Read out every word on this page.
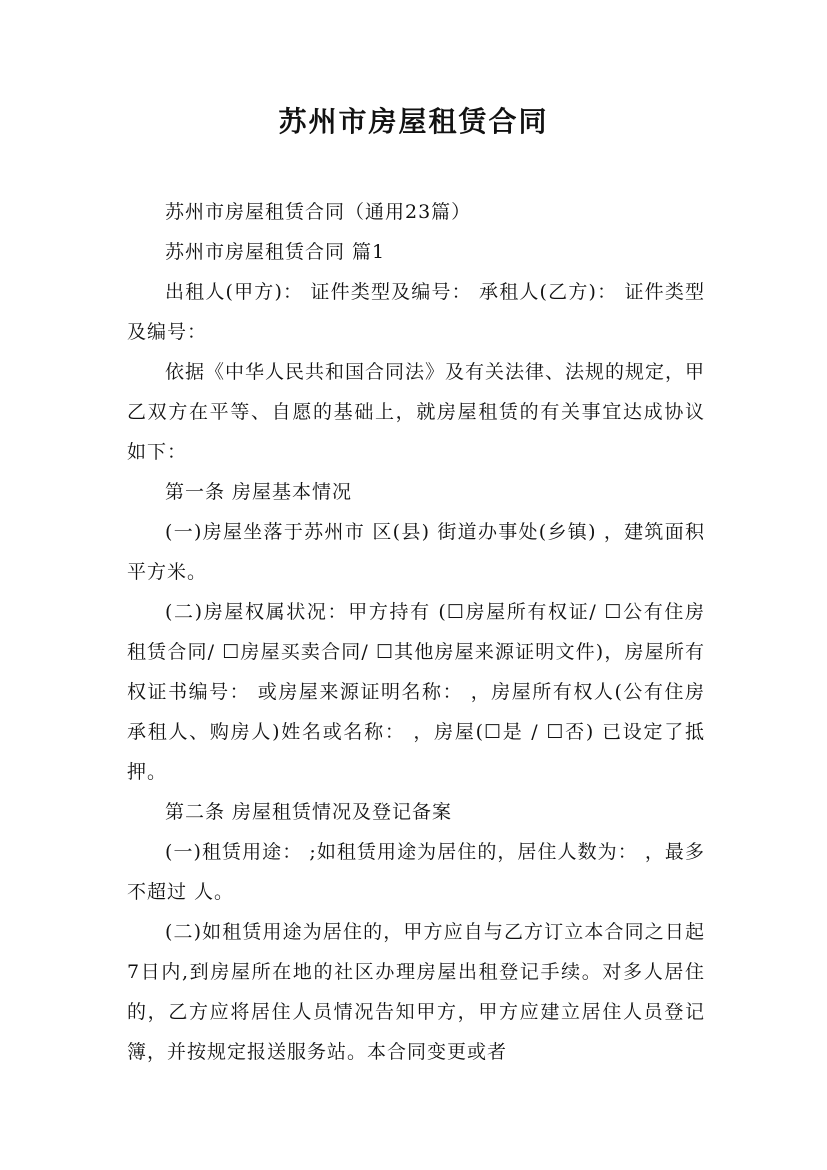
苏州市房屋租赁合同

苏州市房屋租赁合同（通用23篇）

苏州市房屋租赁合同 篇1

出租人(甲方)： 证件类型及编号： 承租人(乙方)： 证件类型及编号：

依据《中华人民共和国合同法》及有关法律、法规的规定，甲乙双方在平等、自愿的基础上，就房屋租赁的有关事宜达成协议如下：

第一条 房屋基本情况

(一)房屋坐落于苏州市 区(县) 街道办事处(乡镇) ，建筑面积 平方米。

(二)房屋权属状况：甲方持有 (☐房屋所有权证/ ☐公有住房租赁合同/ ☐房屋买卖合同/ ☐其他房屋来源证明文件)，房屋所有权证书编号： 或房屋来源证明名称： ，房屋所有权人(公有住房承租人、购房人)姓名或名称： ，房屋(☐是 / ☐否) 已设定了抵押。

第二条 房屋租赁情况及登记备案

(一)租赁用途： ;如租赁用途为居住的，居住人数为： ，最多不超过 人。

(二)如租赁用途为居住的，甲方应自与乙方订立本合同之日起7日内,到房屋所在地的社区办理房屋出租登记手续。对多人居住的，乙方应将居住人员情况告知甲方，甲方应建立居住人员登记簿，并按规定报送服务站。本合同变更或者
